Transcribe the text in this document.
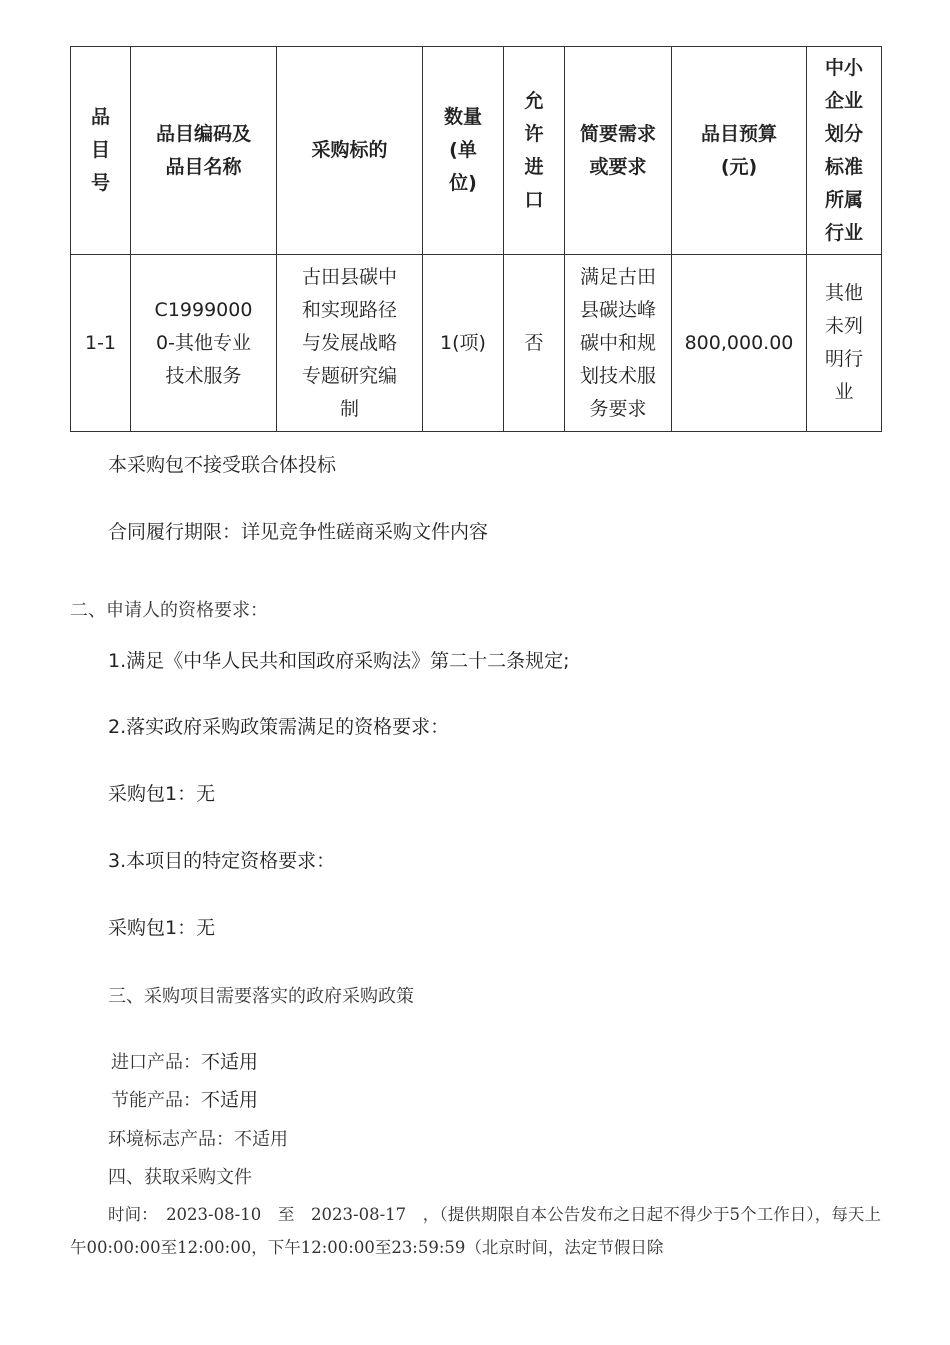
品目号	品目编码及品目名称	采购标的	数量(单位)	允许进口	简要需求或要求	品目预算(元)	中小企业划分标准所属行业
1-1	C19990000-其他专业技术服务	古田县碳中和实现路径与发展战略专题研究编制	1(项)	否	满足古田县碳达峰碳中和规划技术服务要求	800,000.00	其他未列明行业
本采购包不接受联合体投标
合同履行期限：详见竞争性磋商采购文件内容
二、申请人的资格要求：
1.满足《中华人民共和国政府采购法》第二十二条规定;
2.落实政府采购政策需满足的资格要求：
采购包1：无
3.本项目的特定资格要求：
采购包1：无
三、采购项目需要落实的政府采购政策
进口产品：不适用
节能产品：不适用
环境标志产品：不适用
四、获取采购文件
时间：　2023-08-10　至　2023-08-17　，（提供期限自本公告发布之日起不得少于5个工作日），每天上午00:00:00至12:00:00，下午12:00:00至23:59:59（北京时间，法定节假日除
